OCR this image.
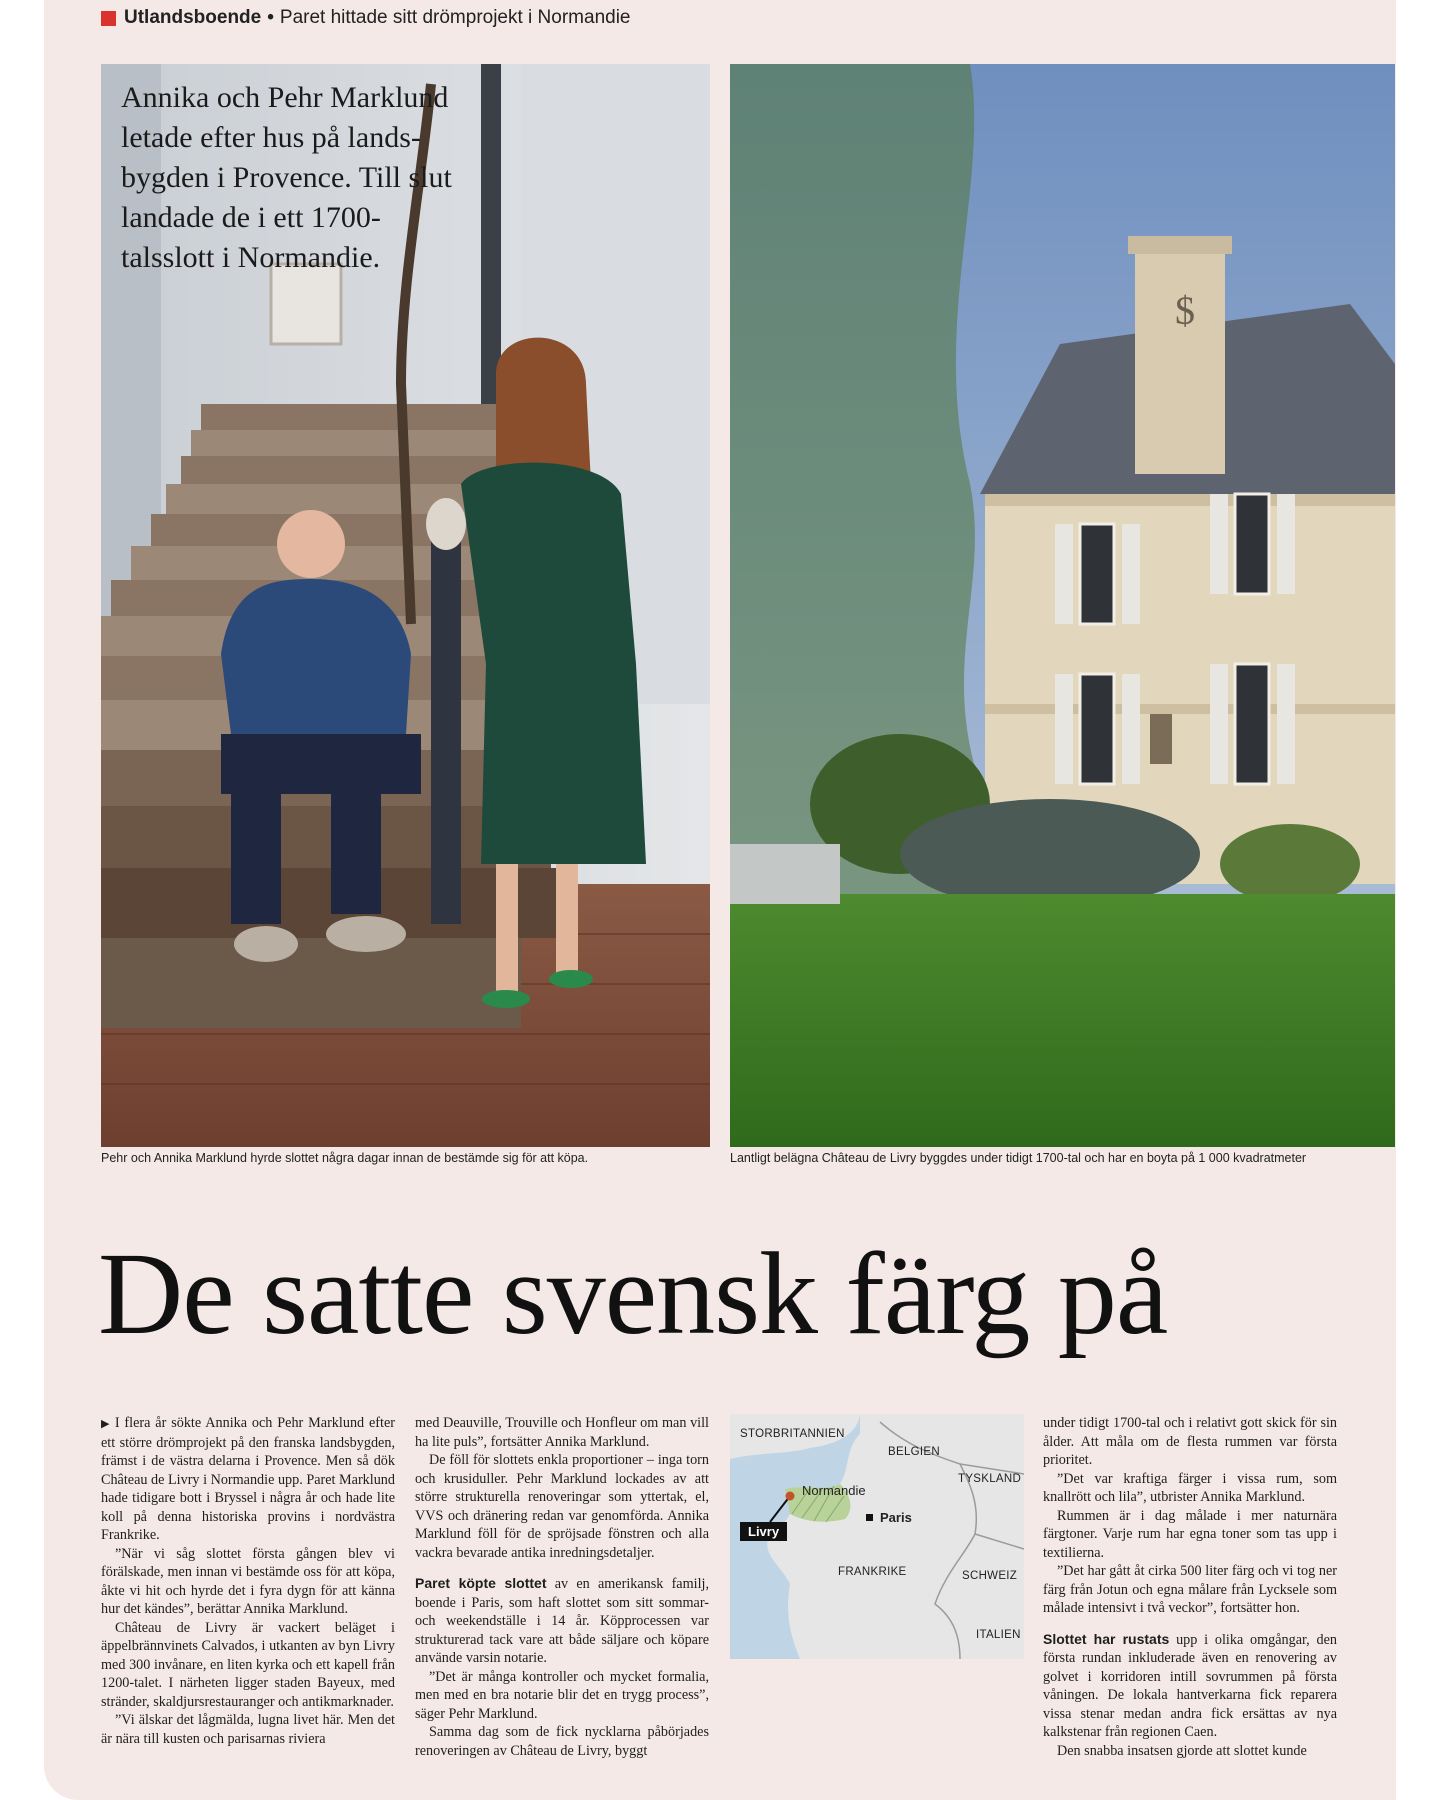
Utlandsboende • Paret hittade sitt drömprojekt i Normandie
Annika och Pehr Marklund
letade efter hus på lands-
bygden i Provence. Till slut
landade de i ett 1700-
talsslott i Normandie.
$
Pehr och Annika Marklund hyrde slottet några dagar innan de bestämde sig för att köpa.	Lantligt belägna Château de Livry byggdes under tidigt 1700-tal och har en boyta på 1 000 kvadratmeter
De satte svensk färg på

▶ I flera år sökte Annika och Pehr Marklund efter ett större drömprojekt på den franska landsbygden, främst i de västra delarna i Provence. Men så dök Château de Livry i Normandie upp. Paret Marklund hade tidigare bott i Bryssel i några år och hade lite koll på denna historiska provins i nordvästra Frankrike.

”När vi såg slottet första gången blev vi förälskade, men innan vi bestämde oss för att köpa, åkte vi hit och hyrde det i fyra dygn för att känna hur det kändes”, berättar Annika Marklund.

Château de Livry är vackert beläget i äppelbrännvinets Calvados, i utkanten av byn Livry med 300 invånare, en liten kyrka och ett kapell från 1200-talet. I närheten ligger staden Bayeux, med stränder, skaldjursrestauranger och antikmarknader.

”Vi älskar det lågmälda, lugna livet här. Men det är nära till kusten och parisarnas riviera

med Deauville, Trouville och Honfleur om man vill ha lite puls”, fortsätter Annika Marklund.

De föll för slottets enkla proportioner – inga torn och krusiduller. Pehr Marklund lockades av att större strukturella renoveringar som yttertak, el, VVS och dränering redan var genomförda. Annika Marklund föll för de spröjsade fönstren och alla vackra bevarade antika inredningsdetaljer.

Paret köpte slottet av en amerikansk familj, boende i Paris, som haft slottet som sitt sommar- och weekendställe i 14 år. Köpprocessen var strukturerad tack vare att både säljare och köpare använde varsin notarie.

”Det är många kontroller och mycket formalia, men med en bra notarie blir det en trygg process”, säger Pehr Marklund.

Samma dag som de fick nycklarna påbörjades renoveringen av Château de Livry, byggt

STORBRITANNIEN
BELGIEN
TYSKLAND
Normandie
Paris
FRANKRIKE	SCHWEIZ
ITALIEN
Livry

under tidigt 1700-tal och i relativt gott skick för sin ålder. Att måla om de flesta rummen var första prioritet.

”Det var kraftiga färger i vissa rum, som knallrött och lila”, utbrister Annika Marklund.

Rummen är i dag målade i mer naturnära färgtoner. Varje rum har egna toner som tas upp i textilierna.

”Det har gått åt cirka 500 liter färg och vi tog ner färg från Jotun och egna målare från Lycksele som målade intensivt i två veckor”, fortsätter hon.

Slottet har rustats upp i olika omgångar, den första rundan inkluderade även en renovering av golvet i korridoren intill sovrummen på första våningen. De lokala hantverkarna fick reparera vissa stenar medan andra fick ersättas av nya kalkstenar från regionen Caen.

Den snabba insatsen gjorde att slottet kunde
